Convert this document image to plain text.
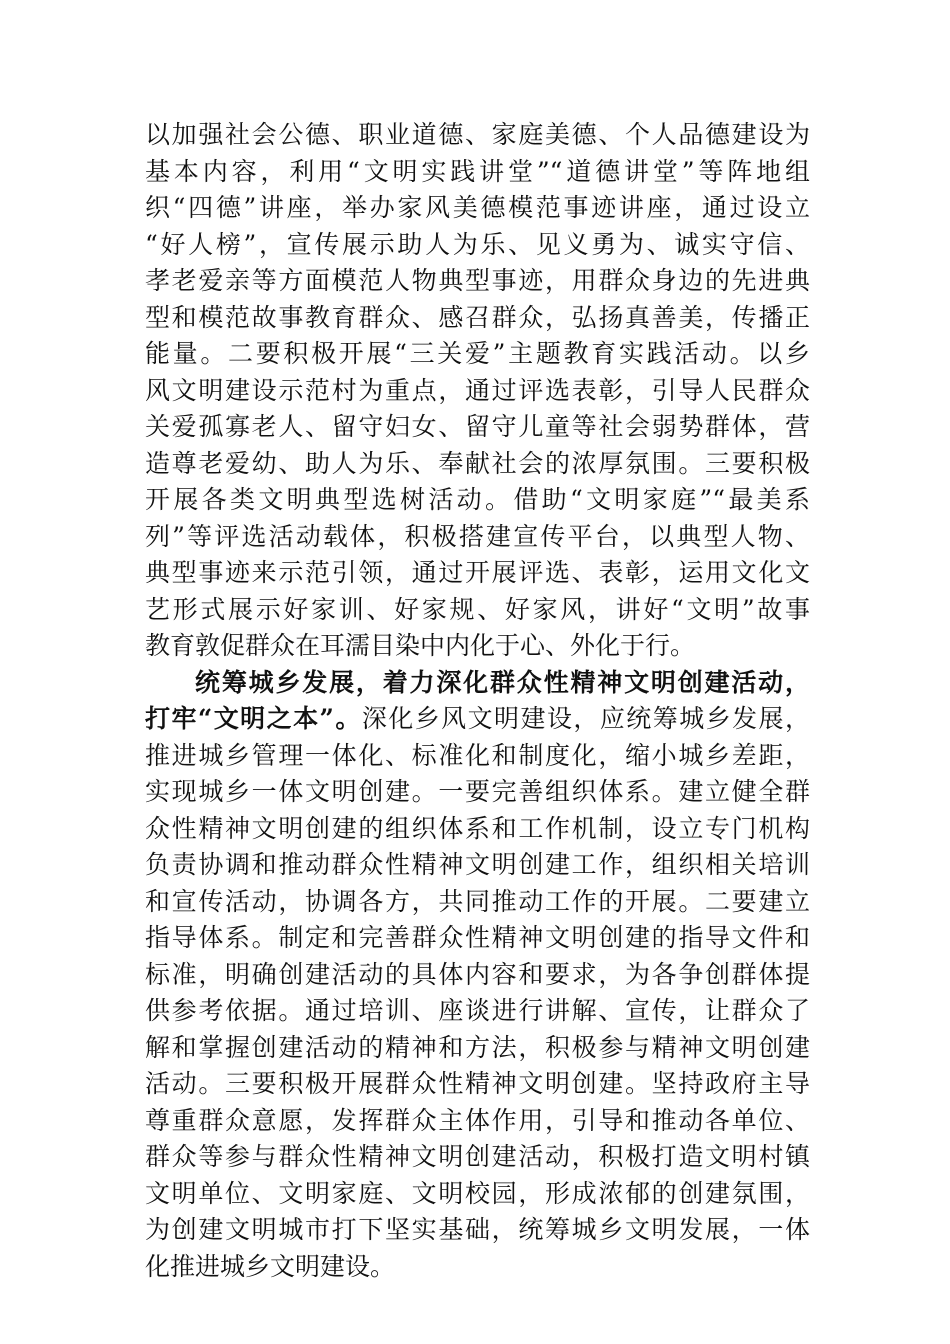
以加强社会公德、职业道德、家庭美德、个人品德建设为
基本内容，利用“文明实践讲堂”“道德讲堂”等阵地组
织“四德”讲座，举办家风美德模范事迹讲座，通过设立
“好人榜”，宣传展示助人为乐、见义勇为、诚实守信、
孝老爱亲等方面模范人物典型事迹，用群众身边的先进典
型和模范故事教育群众、感召群众，弘扬真善美，传播正
能量。二要积极开展“三关爱”主题教育实践活动。以乡
风文明建设示范村为重点，通过评选表彰，引导人民群众
关爱孤寡老人、留守妇女、留守儿童等社会弱势群体，营
造尊老爱幼、助人为乐、奉献社会的浓厚氛围。三要积极
开展各类文明典型选树活动。借助“文明家庭”“最美系
列”等评选活动载体，积极搭建宣传平台，以典型人物、
典型事迹来示范引领，通过开展评选、表彰，运用文化文
艺形式展示好家训、好家规、好家风，讲好“文明”故事
教育敦促群众在耳濡目染中内化于心、外化于行。
统筹城乡发展，着力深化群众性精神文明创建活动，
打牢“文明之本”。深化乡风文明建设，应统筹城乡发展，
推进城乡管理一体化、标准化和制度化，缩小城乡差距，
实现城乡一体文明创建。一要完善组织体系。建立健全群
众性精神文明创建的组织体系和工作机制，设立专门机构
负责协调和推动群众性精神文明创建工作，组织相关培训
和宣传活动，协调各方，共同推动工作的开展。二要建立
指导体系。制定和完善群众性精神文明创建的指导文件和
标准，明确创建活动的具体内容和要求，为各争创群体提
供参考依据。通过培训、座谈进行讲解、宣传，让群众了
解和掌握创建活动的精神和方法，积极参与精神文明创建
活动。三要积极开展群众性精神文明创建。坚持政府主导
尊重群众意愿，发挥群众主体作用，引导和推动各单位、
群众等参与群众性精神文明创建活动，积极打造文明村镇
文明单位、文明家庭、文明校园，形成浓郁的创建氛围，
为创建文明城市打下坚实基础，统筹城乡文明发展，一体
化推进城乡文明建设。
